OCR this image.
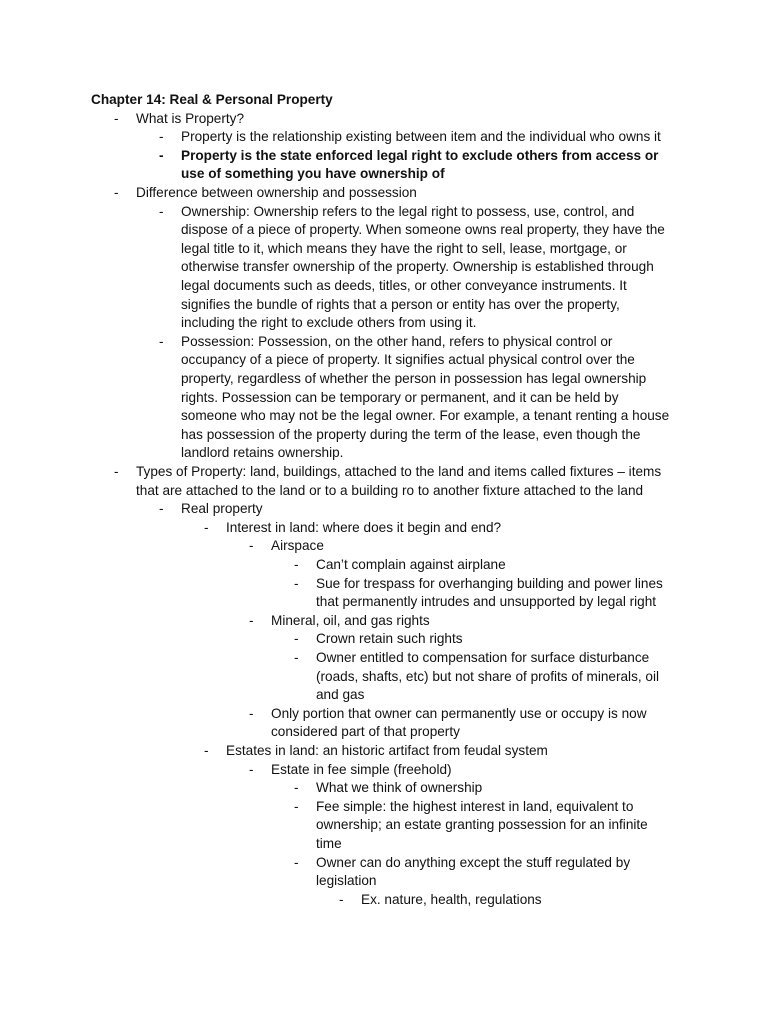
Chapter 14: Real & Personal Property
- What is Property?
- Property is the relationship existing between item and the individual who owns it
- Property is the state enforced legal right to exclude others from access or
use of something you have ownership of
- Difference between ownership and possession
- Ownership: Ownership refers to the legal right to possess, use, control, and
dispose of a piece of property. When someone owns real property, they have the
legal title to it, which means they have the right to sell, lease, mortgage, or
otherwise transfer ownership of the property. Ownership is established through
legal documents such as deeds, titles, or other conveyance instruments. It
signifies the bundle of rights that a person or entity has over the property,
including the right to exclude others from using it.
- Possession: Possession, on the other hand, refers to physical control or
occupancy of a piece of property. It signifies actual physical control over the
property, regardless of whether the person in possession has legal ownership
rights. Possession can be temporary or permanent, and it can be held by
someone who may not be the legal owner. For example, a tenant renting a house
has possession of the property during the term of the lease, even though the
landlord retains ownership.
- Types of Property: land, buildings, attached to the land and items called fixtures – items
that are attached to the land or to a building ro to another fixture attached to the land
- Real property
- Interest in land: where does it begin and end?
- Airspace
- Can’t complain against airplane
- Sue for trespass for overhanging building and power lines
that permanently intrudes and unsupported by legal right
- Mineral, oil, and gas rights
- Crown retain such rights
- Owner entitled to compensation for surface disturbance
(roads, shafts, etc) but not share of profits of minerals, oil
and gas
- Only portion that owner can permanently use or occupy is now
considered part of that property
- Estates in land: an historic artifact from feudal system
- Estate in fee simple (freehold)
- What we think of ownership
- Fee simple: the highest interest in land, equivalent to
ownership; an estate granting possession for an infinite
time
- Owner can do anything except the stuff regulated by
legislation
- Ex. nature, health, regulations
